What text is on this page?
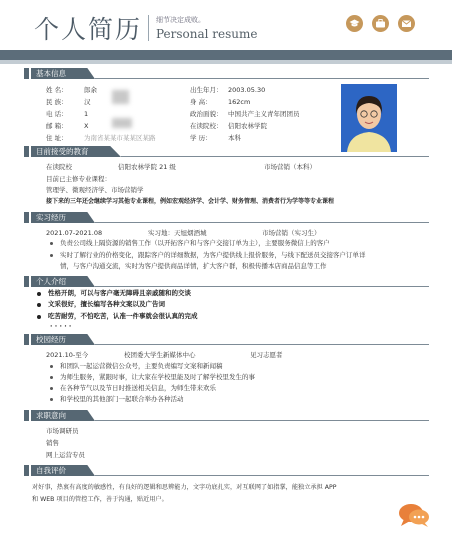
个人简历 细节决定成败。
Personal resume
基本信息
姓 名：	郎余
民 族：	汉
电 话：	1
邮 箱：	X
住 址：	为南省某某市某某区某路
出生年月： 2003.05.30
身 高：	162cm
政治面貌： 中国共产主义青年团团员
在读院校： 信阳农林学院
学 历：	本科
目前接受的教育
在读院校	信阳农林学院 21 级	市场营销（本科）
目前已主修专业课程：
管理学、微观经济学、市场营销学
接下来的三年还会继续学习其他专业课程，例如宏观经济学、会计学、财务管理、消费者行为学等等专业课程
实习经历
2021.07-2021.08	实习地：天旭烟酒城	市场营销（实习生）
负责公司线上隔资源的销售工作（以开拓客户和与客户交接订单为主），主要服务微信上的客户
实时了解行业的价格变化，跟踪客户的详细数据，为客户提供线上报价服务，与线下配送员交接客户订单详
情，与客户沟通交流，实时为客户提供商品详情，扩大客户群，积极传播本店商品信息等工作
个人介绍
性格开朗，可以与客户毫无障碍且亲戚随和的交谈
文采很好，擅长编写各种文案以及广告词
吃苦耐劳，不怕吃苦，认准一件事就会很认真的完成
· · · · ·
校园经历
2021.10-至今	校团委大学生新媒体中心	见习志愿者
和团队一起运营微信公众号，主要负责编写文案和新闻稿
为师生服务，紧跟时事，让大家在学校里能及时了解学校里发生的事
在各种节气以及节日时推送相关信息，为师生带来欢乐
和学校里的其他部门一起联合举办各种活动
求职意向
市场调研员
销售
网上运营专员
自我评价
对好事，热衷有高度的敏感性，有良好的逻辑和思辨能力，文字功底扎实，对互联网了如指掌，能独立承担 APP
和 WEB 项目的管控工作，善于沟通，贴近用户。
